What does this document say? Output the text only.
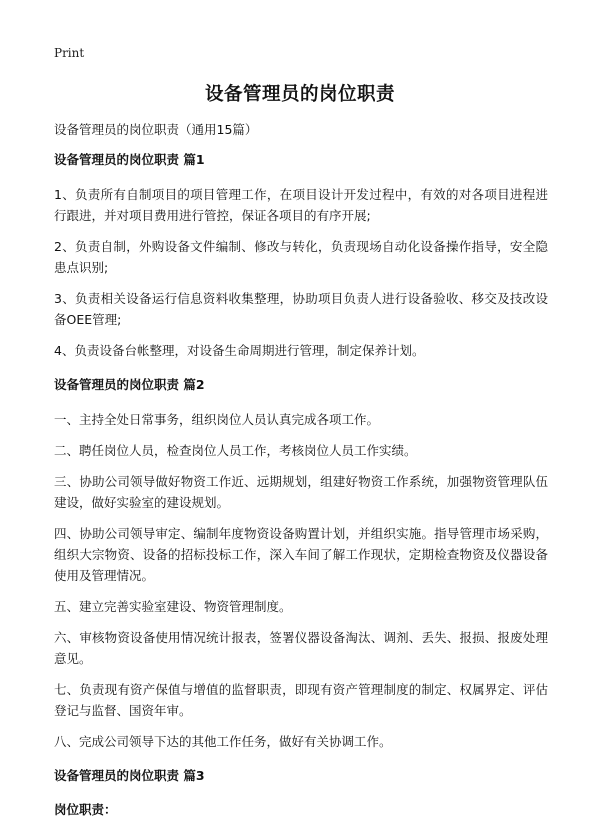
Print
设备管理员的岗位职责
设备管理员的岗位职责（通用15篇）
设备管理员的岗位职责 篇1

1、负责所有自制项目的项目管理工作，在项目设计开发过程中，有效的对各项目进程进行跟进，并对项目费用进行管控，保证各项目的有序开展;

2、负责自制，外购设备文件编制、修改与转化，负责现场自动化设备操作指导，安全隐患点识别;

3、负责相关设备运行信息资料收集整理，协助项目负责人进行设备验收、移交及技改设备OEE管理;

4、负责设备台帐整理，对设备生命周期进行管理，制定保养计划。

设备管理员的岗位职责 篇2

一、主持全处日常事务，组织岗位人员认真完成各项工作。

二、聘任岗位人员，检查岗位人员工作，考核岗位人员工作实绩。

三、协助公司领导做好物资工作近、远期规划，组建好物资工作系统，加强物资管理队伍建设，做好实验室的建设规划。

四、协助公司领导审定、编制年度物资设备购置计划，并组织实施。指导管理市场采购，组织大宗物资、设备的招标投标工作，深入车间了解工作现状，定期检查物资及仪器设备使用及管理情况。

五、建立完善实验室建设、物资管理制度。

六、审核物资设备使用情况统计报表，签署仪器设备淘汰、调剂、丢失、报损、报废处理意见。

七、负责现有资产保值与增值的监督职责，即现有资产管理制度的制定、权属界定、评估登记与监督、国资年审。

八、完成公司领导下达的其他工作任务，做好有关协调工作。

设备管理员的岗位职责 篇3
岗位职责：
